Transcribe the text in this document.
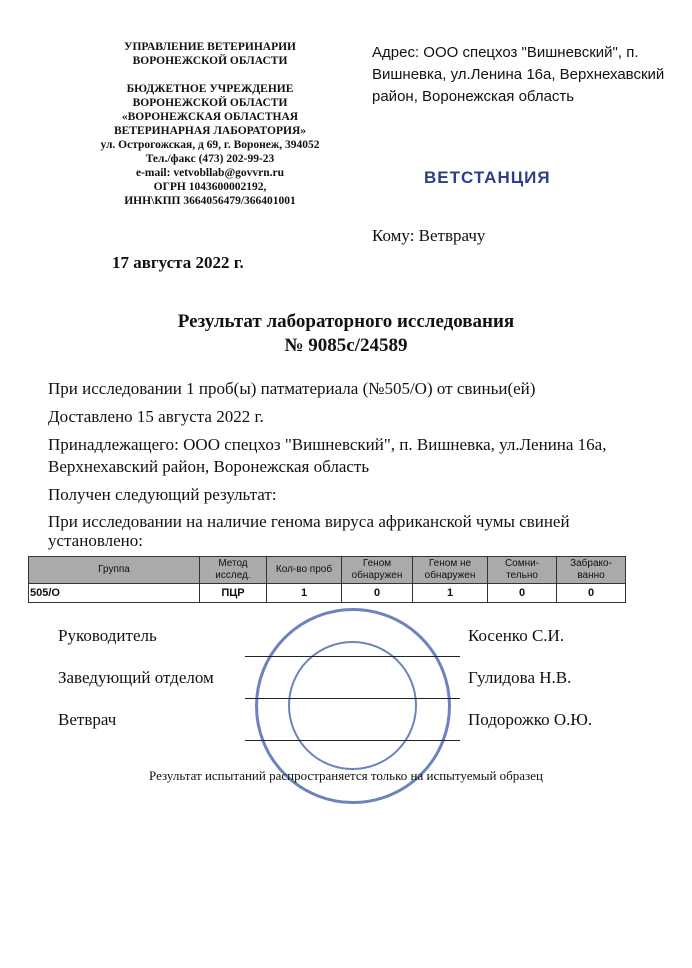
УПРАВЛЕНИЕ ВЕТЕРИНАРИИ
ВОРОНЕЖСКОЙ ОБЛАСТИ
БЮДЖЕТНОЕ УЧРЕЖДЕНИЕ
ВОРОНЕЖСКОЙ ОБЛАСТИ
«ВОРОНЕЖСКАЯ ОБЛАСТНАЯ
ВЕТЕРИНАРНАЯ ЛАБОРАТОРИЯ»
ул. Острогожская, д 69, г. Воронеж, 394052
Тел./факс (473) 202-99-23
e-mail: vetvobllab@govvrn.ru
ОГРН 1043600002192,
ИНН\КПП 3664056479/366401001
Адрес: ООО спецхоз "Вишневский", п. Вишневка, ул.Ленина 16а, Верхнехавский район, Воронежская область
ВЕТСТАНЦИЯ
Кому: Ветврачу
17 августа 2022 г.
Результат лабораторного исследования
№ 9085с/24589

При исследовании 1 проб(ы) патматериала (№505/О) от свиньи(ей)

Доставлено 15 августа 2022 г.

Принадлежащего: ООО спецхоз "Вишневский", п. Вишневка, ул.Ленина 16а, Верхнехавский район, Воронежская область

Получен следующий результат:

При исследовании на наличие генома вируса африканской чумы свиней установлено:

Группа	Метод исслед.	Кол-во проб	Геном обнаружен	Геном не обнаружен	Сомни-тельно	Забрако-ванно
505/О	ПЦР	1	0	1	0	0
Руководитель	Косенко С.И.
Заведующий отделом	Гулидова Н.В.
Ветврач	Подорожко О.Ю.
Результат испытаний распространяется только на испытуемый образец
